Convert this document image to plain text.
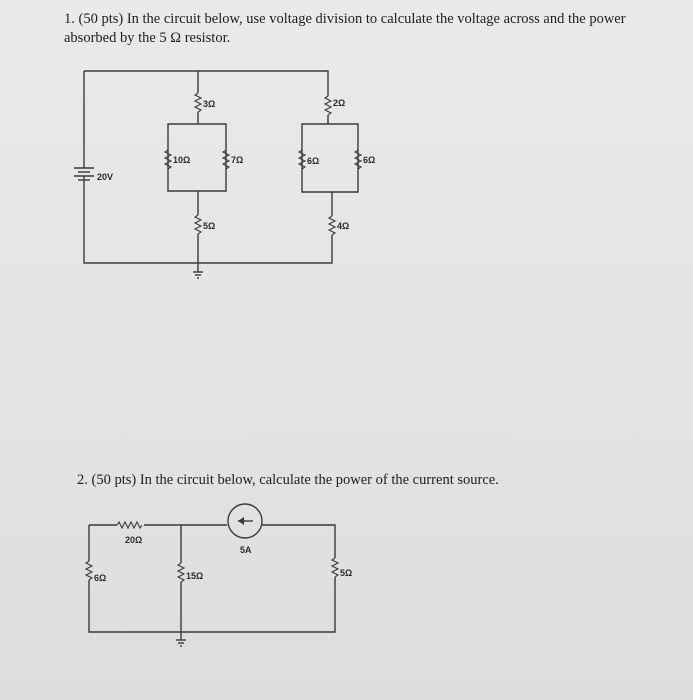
1. (50 pts) In the circuit below, use voltage division to calculate the voltage across and the power absorbed by the 5 Ω resistor.
20V
3Ω
10Ω	7Ω
5Ω
2Ω
6Ω	6Ω
4Ω
2. (50 pts) In the circuit below, calculate the power of the current source.
20Ω
5A
6Ω	15Ω	5Ω
